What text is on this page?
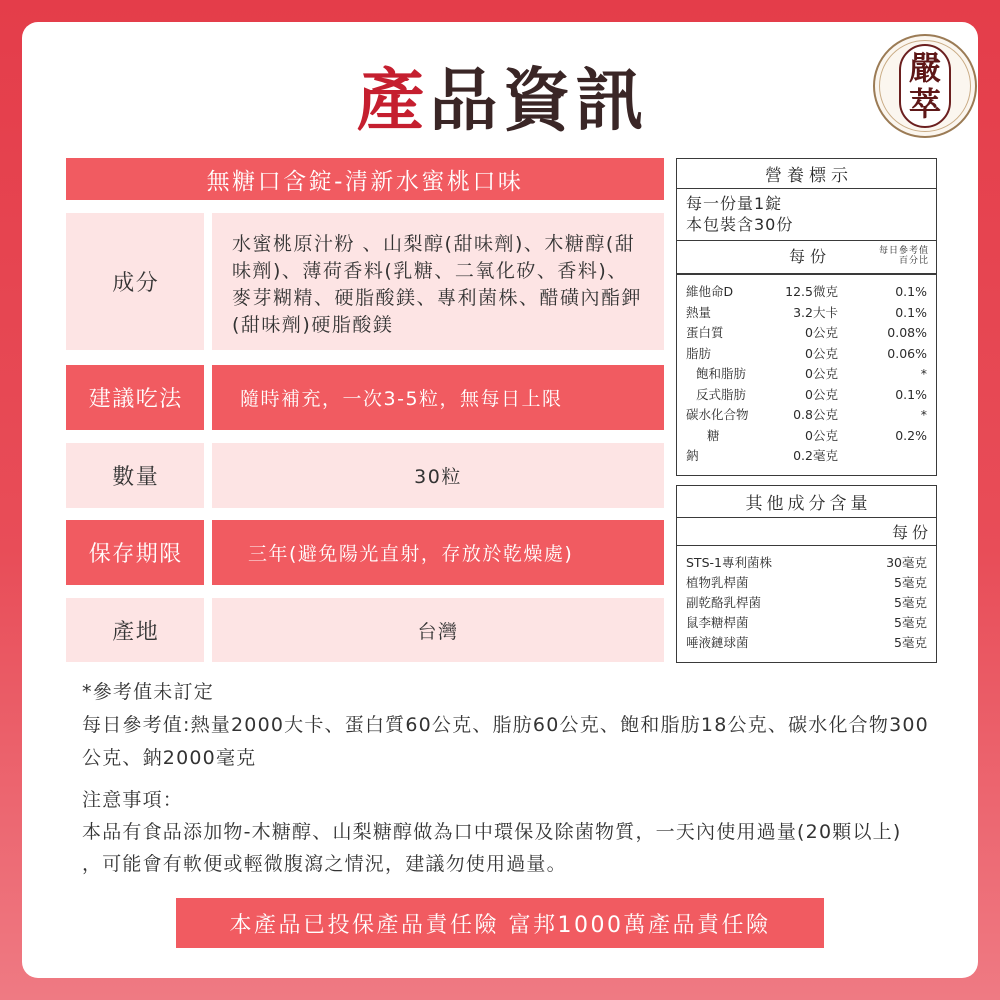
產品資訊	嚴
萃
無糖口含錠-清新水蜜桃口味
成分
水蜜桃原汁粉 、山梨醇(甜味劑)、木糖醇(甜
味劑)、薄荷香料(乳糖、二氧化矽、香料)、
麥芽糊精、硬脂酸鎂、專利菌株、醋磺內酯鉀
(甜味劑)硬脂酸鎂
建議吃法	隨時補充，一次3-5粒，無每日上限
數量	30粒
保存期限	三年(避免陽光直射，存放於乾燥處)
產地	台灣
營養標示
每一份量1錠
本包裝含30份
每份	每日參考值
百分比
維他命D	12.5微克	0.1%
熱量	3.2大卡	0.1%
蛋白質	0公克	0.08%
脂肪	0公克	0.06%
飽和脂肪	0公克	*
反式脂肪	0公克	0.1%
碳水化合物	0.8公克	*
糖	0公克	0.2%
鈉	0.2毫克
其他成分含量
每份
STS-1專利菌株	30毫克
植物乳桿菌	5毫克
副乾酪乳桿菌	5毫克
鼠李糖桿菌	5毫克
唾液鏈球菌	5毫克
*參考值未訂定
每日參考值:熱量2000大卡、蛋白質60公克、脂肪60公克、飽和脂肪18公克、碳水化合物300
公克、鈉2000毫克
注意事項：
本品有食品添加物-木糖醇、山梨糖醇做為口中環保及除菌物質，一天內使用過量(20顆以上)
，可能會有軟便或輕微腹瀉之情況，建議勿使用過量。
本產品已投保產品責任險 富邦1000萬產品責任險
